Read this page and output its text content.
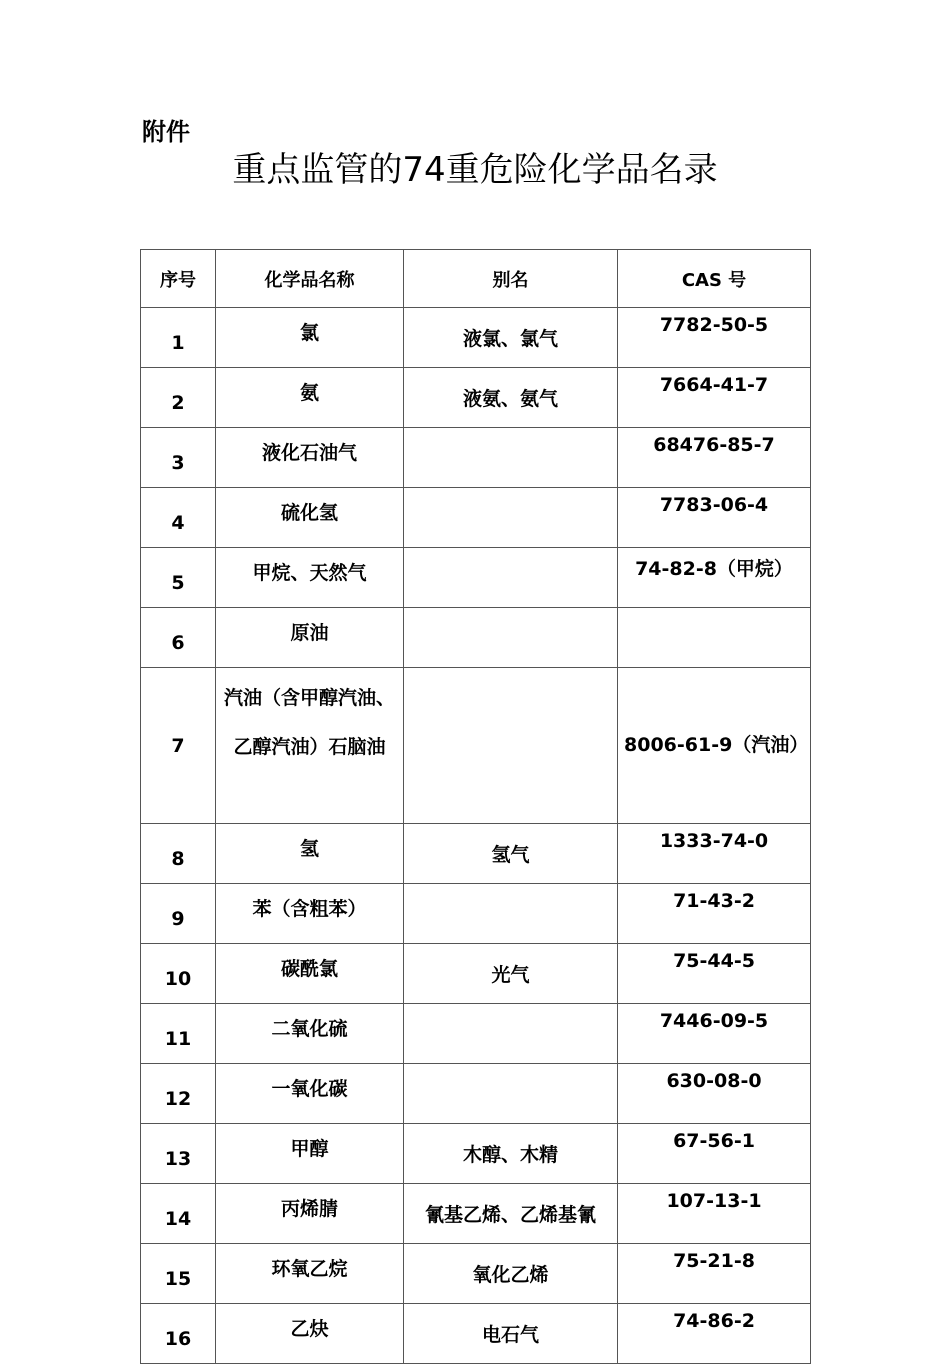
附件
重点监管的74重危险化学品名录
序号	化学品名称	别名	CAS 号
1	氯	液氯、氯气	7782-50-5
2	氨	液氨、氨气	7664-41-7
3	液化石油气		68476-85-7
4	硫化氢		7783-06-4
5	甲烷、天然气		74-82-8（甲烷）
6	原油		
7	汽油（含甲醇汽油、乙醇汽油）石脑油		8006-61-9（汽油）
8	氢	氢气	1333-74-0
9	苯（含粗苯）		71-43-2
10	碳酰氯	光气	75-44-5
11	二氧化硫		7446-09-5
12	一氧化碳		630-08-0
13	甲醇	木醇、木精	67-56-1
14	丙烯腈	氰基乙烯、乙烯基氰	107-13-1
15	环氧乙烷	氧化乙烯	75-21-8
16	乙炔	电石气	74-86-2
